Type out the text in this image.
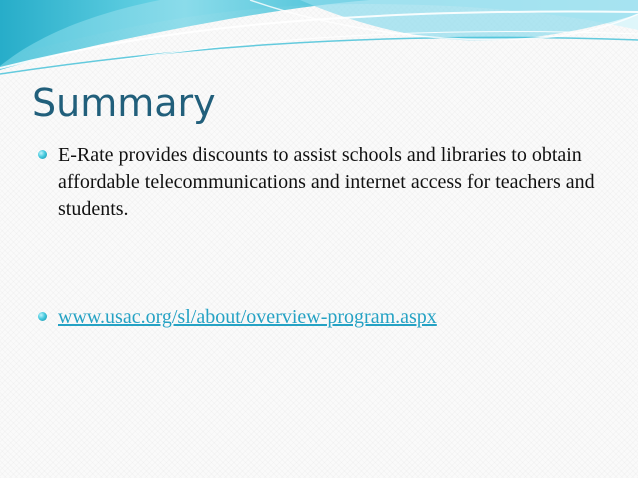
Summary
E-Rate provides discounts to assist schools and libraries to obtain affordable telecommunications and internet access for teachers and students.
www.usac.org/sl/about/overview-program.aspx
